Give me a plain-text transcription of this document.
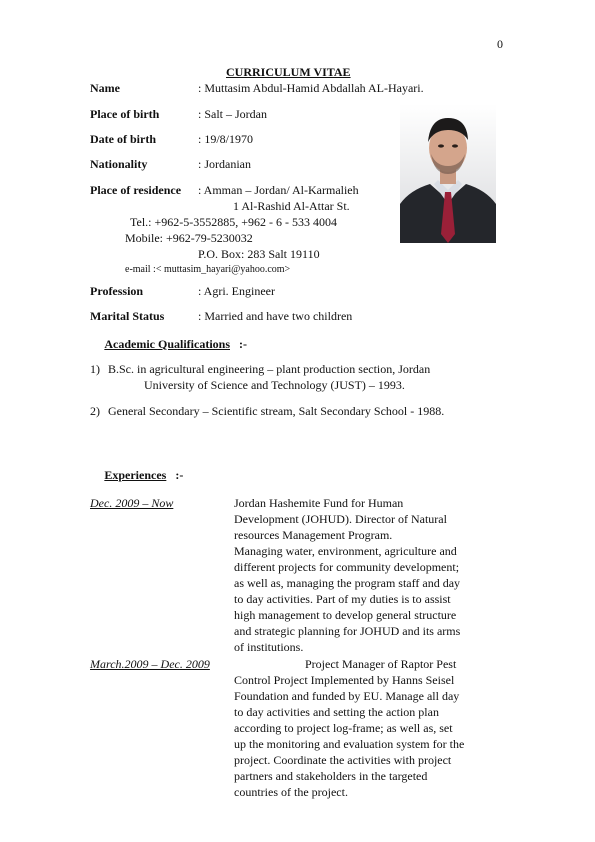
0
CURRICULUM VITAE
Name	: Muttasim Abdul-Hamid Abdallah AL-Hayari.
Place of birth	: Salt – Jordan
Date of birth	: 19/8/1970
Nationality	: Jordanian
Place of residence : Amman – Jordan/ Al-Karmalieh
1 Al-Rashid Al-Attar St.
Tel.: +962-5-3552885, +962 - 6 - 533 4004
Mobile: +962-79-5230032
P.O. Box: 283 Salt 19110
e-mail :< muttasim_hayari@yahoo.com>
Profession	: Agri. Engineer
Marital Status	: Married and have two children
Academic Qualifications :-
1) B.Sc. in agricultural engineering – plant production section, Jordan
University of Science and Technology (JUST) – 1993.
2) General Secondary – Scientific stream, Salt Secondary School - 1988.
Experiences :-
Dec. 2009 – Now	Jordan Hashemite Fund for Human
Development (JOHUD). Director of Natural
resources Management Program.
Managing water, environment, agriculture and
different projects for community development;
as well as, managing the program staff and day
to day activities. Part of my duties is to assist
high management to develop general structure
and strategic planning for JOHUD and its arms
of institutions.
March.2009 – Dec. 2009	Project Manager of Raptor Pest
Control Project Implemented by Hanns Seisel
Foundation and funded by EU. Manage all day
to day activities and setting the action plan
according to project log-frame; as well as, set
up the monitoring and evaluation system for the
project. Coordinate the activities with project
partners and stakeholders in the targeted
countries of the project.
